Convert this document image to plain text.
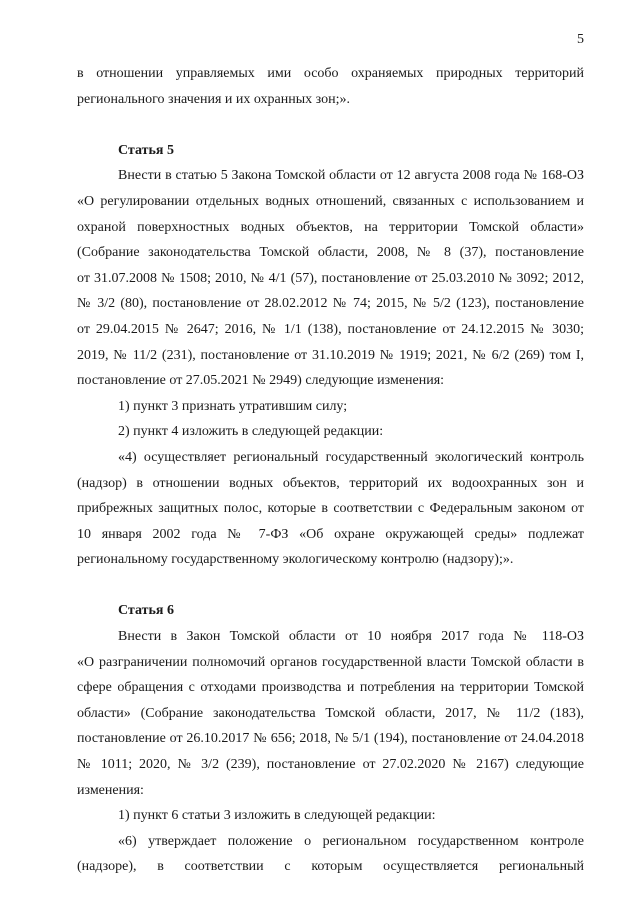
5
в отношении управляемых ими особо охраняемых природных территорий
регионального значения и их охранных зон;».
Статья 5
Внести в статью 5 Закона Томской области от 12 августа 2008 года № 168-ОЗ
«О регулировании отдельных водных отношений, связанных с использованием и
охраной поверхностных водных объектов, на территории Томской области»
(Собрание законодательства Томской области, 2008, № 8 (37), постановление
от 31.07.2008 № 1508; 2010, № 4/1 (57), постановление от 25.03.2010 № 3092; 2012,
№ 3/2 (80), постановление от 28.02.2012 № 74; 2015, № 5/2 (123), постановление
от 29.04.2015 № 2647; 2016, № 1/1 (138), постановление от 24.12.2015 № 3030;
2019, № 11/2 (231), постановление от 31.10.2019 № 1919; 2021, № 6/2 (269) том I,
постановление от 27.05.2021 № 2949) следующие изменения:
1) пункт 3 признать утратившим силу;
2) пункт 4 изложить в следующей редакции:
«4) осуществляет региональный государственный экологический контроль
(надзор) в отношении водных объектов, территорий их водоохранных зон и
прибрежных защитных полос, которые в соответствии с Федеральным законом от
10 января 2002 года № 7-ФЗ «Об охране окружающей среды» подлежат
региональному государственному экологическому контролю (надзору);».
Статья 6
Внести в Закон Томской области от 10 ноября 2017 года № 118-ОЗ
«О разграничении полномочий органов государственной власти Томской области в
сфере обращения с отходами производства и потребления на территории Томской
области» (Собрание законодательства Томской области, 2017, № 11/2 (183),
постановление от 26.10.2017 № 656; 2018, № 5/1 (194), постановление от 24.04.2018
№ 1011; 2020, № 3/2 (239), постановление от 27.02.2020 № 2167) следующие
изменения:
1) пункт 6 статьи 3 изложить в следующей редакции:
«6) утверждает положение о региональном государственном контроле
(надзоре), в соответствии с которым осуществляется региональный
